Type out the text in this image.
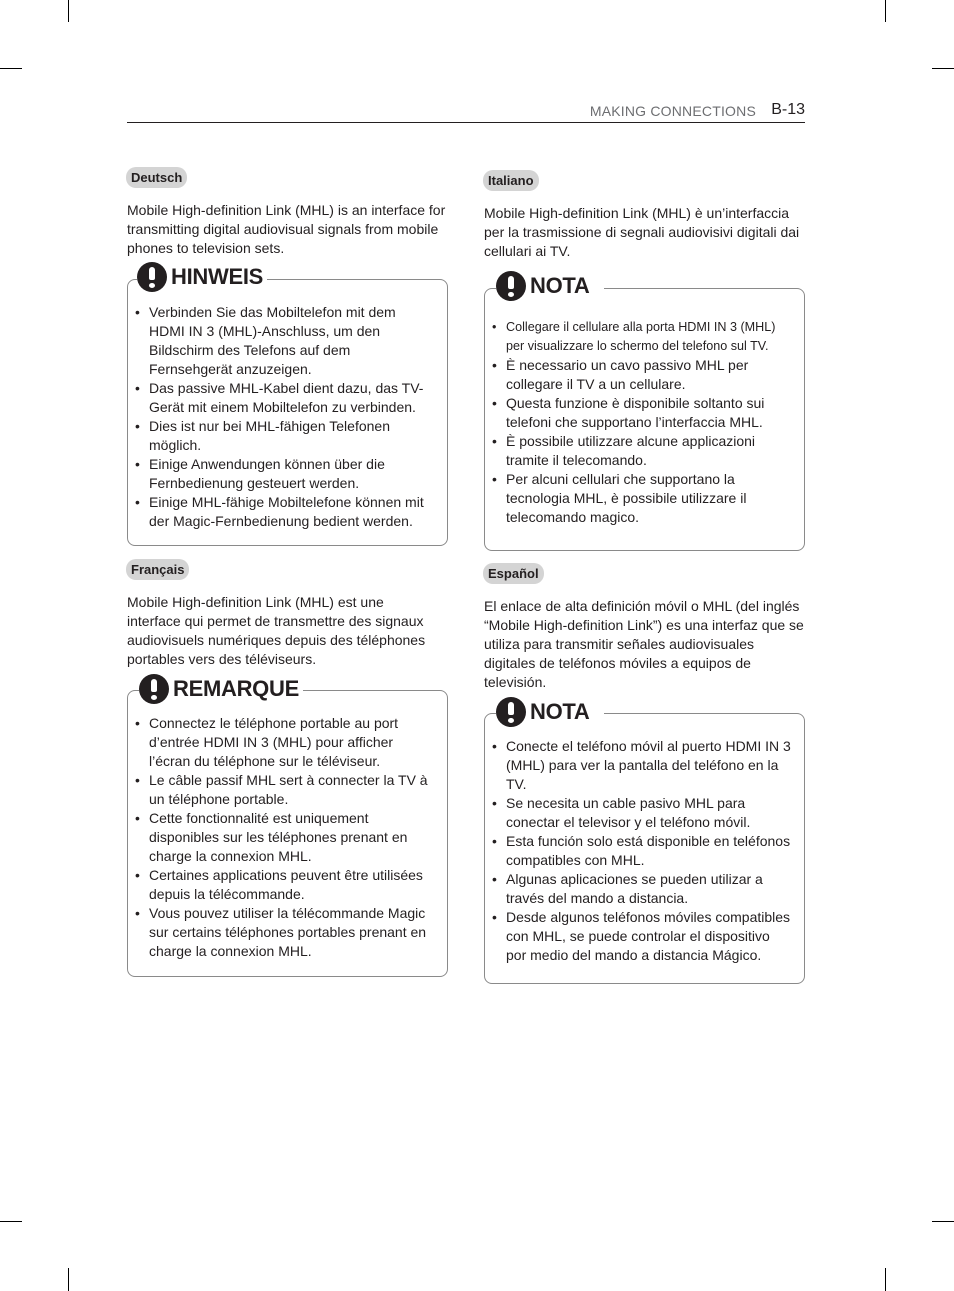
MAKING CONNECTIONS B-13
Deutsch

Mobile High-definition Link (MHL) is an interface for transmitting digital audiovisual signals from mobile phones to television sets.

HINWEIS
• Verbinden Sie das Mobiltelefon mit dem HDMI IN 3 (MHL)-Anschluss, um den Bildschirm des Telefons auf dem Fernsehgerät anzuzeigen.
• Das passive MHL-Kabel dient dazu, das TV-Gerät mit einem Mobiltelefon zu verbinden.
• Dies ist nur bei MHL-fähigen Telefonen möglich.
• Einige Anwendungen können über die Fernbedienung gesteuert werden.
• Einige MHL-fähige Mobiltelefone können mit der Magic-Fernbedienung bedient werden.
Français

Mobile High-definition Link (MHL) est une interface qui permet de transmettre des signaux audiovisuels numériques depuis des téléphones portables vers des téléviseurs.

REMARQUE
• Connectez le téléphone portable au port d’entrée HDMI IN 3 (MHL) pour afficher l’écran du téléphone sur le téléviseur.
• Le câble passif MHL sert à connecter la TV à un téléphone portable.
• Cette fonctionnalité est uniquement disponibles sur les téléphones prenant en charge la connexion MHL.
• Certaines applications peuvent être utilisées depuis la télécommande.
• Vous pouvez utiliser la télécommande Magic sur certains téléphones portables prenant en charge la connexion MHL.
Italiano

Mobile High-definition Link (MHL) è un’interfaccia per la trasmissione di segnali audiovisivi digitali dai cellulari ai TV.

NOTA
• Collegare il cellulare alla porta HDMI IN 3 (MHL) per visualizzare lo schermo del telefono sul TV.
• È necessario un cavo passivo MHL per collegare il TV a un cellulare.
• Questa funzione è disponibile soltanto sui telefoni che supportano l’interfaccia MHL.
• È possibile utilizzare alcune applicazioni tramite il telecomando.
• Per alcuni cellulari che supportano la tecnologia MHL, è possibile utilizzare il telecomando magico.
Español

El enlace de alta definición móvil o MHL (del inglés “Mobile High-definition Link”) es una interfaz que se utiliza para transmitir señales audiovisuales digitales de teléfonos móviles a equipos de televisión.

NOTA
• Conecte el teléfono móvil al puerto HDMI IN 3 (MHL) para ver la pantalla del teléfono en la TV.
• Se necesita un cable pasivo MHL para conectar el televisor y el teléfono móvil.
• Esta función solo está disponible en teléfonos compatibles con MHL.
• Algunas aplicaciones se pueden utilizar a través del mando a distancia.
• Desde algunos teléfonos móviles compatibles con MHL, se puede controlar el dispositivo por medio del mando a distancia Mágico.
